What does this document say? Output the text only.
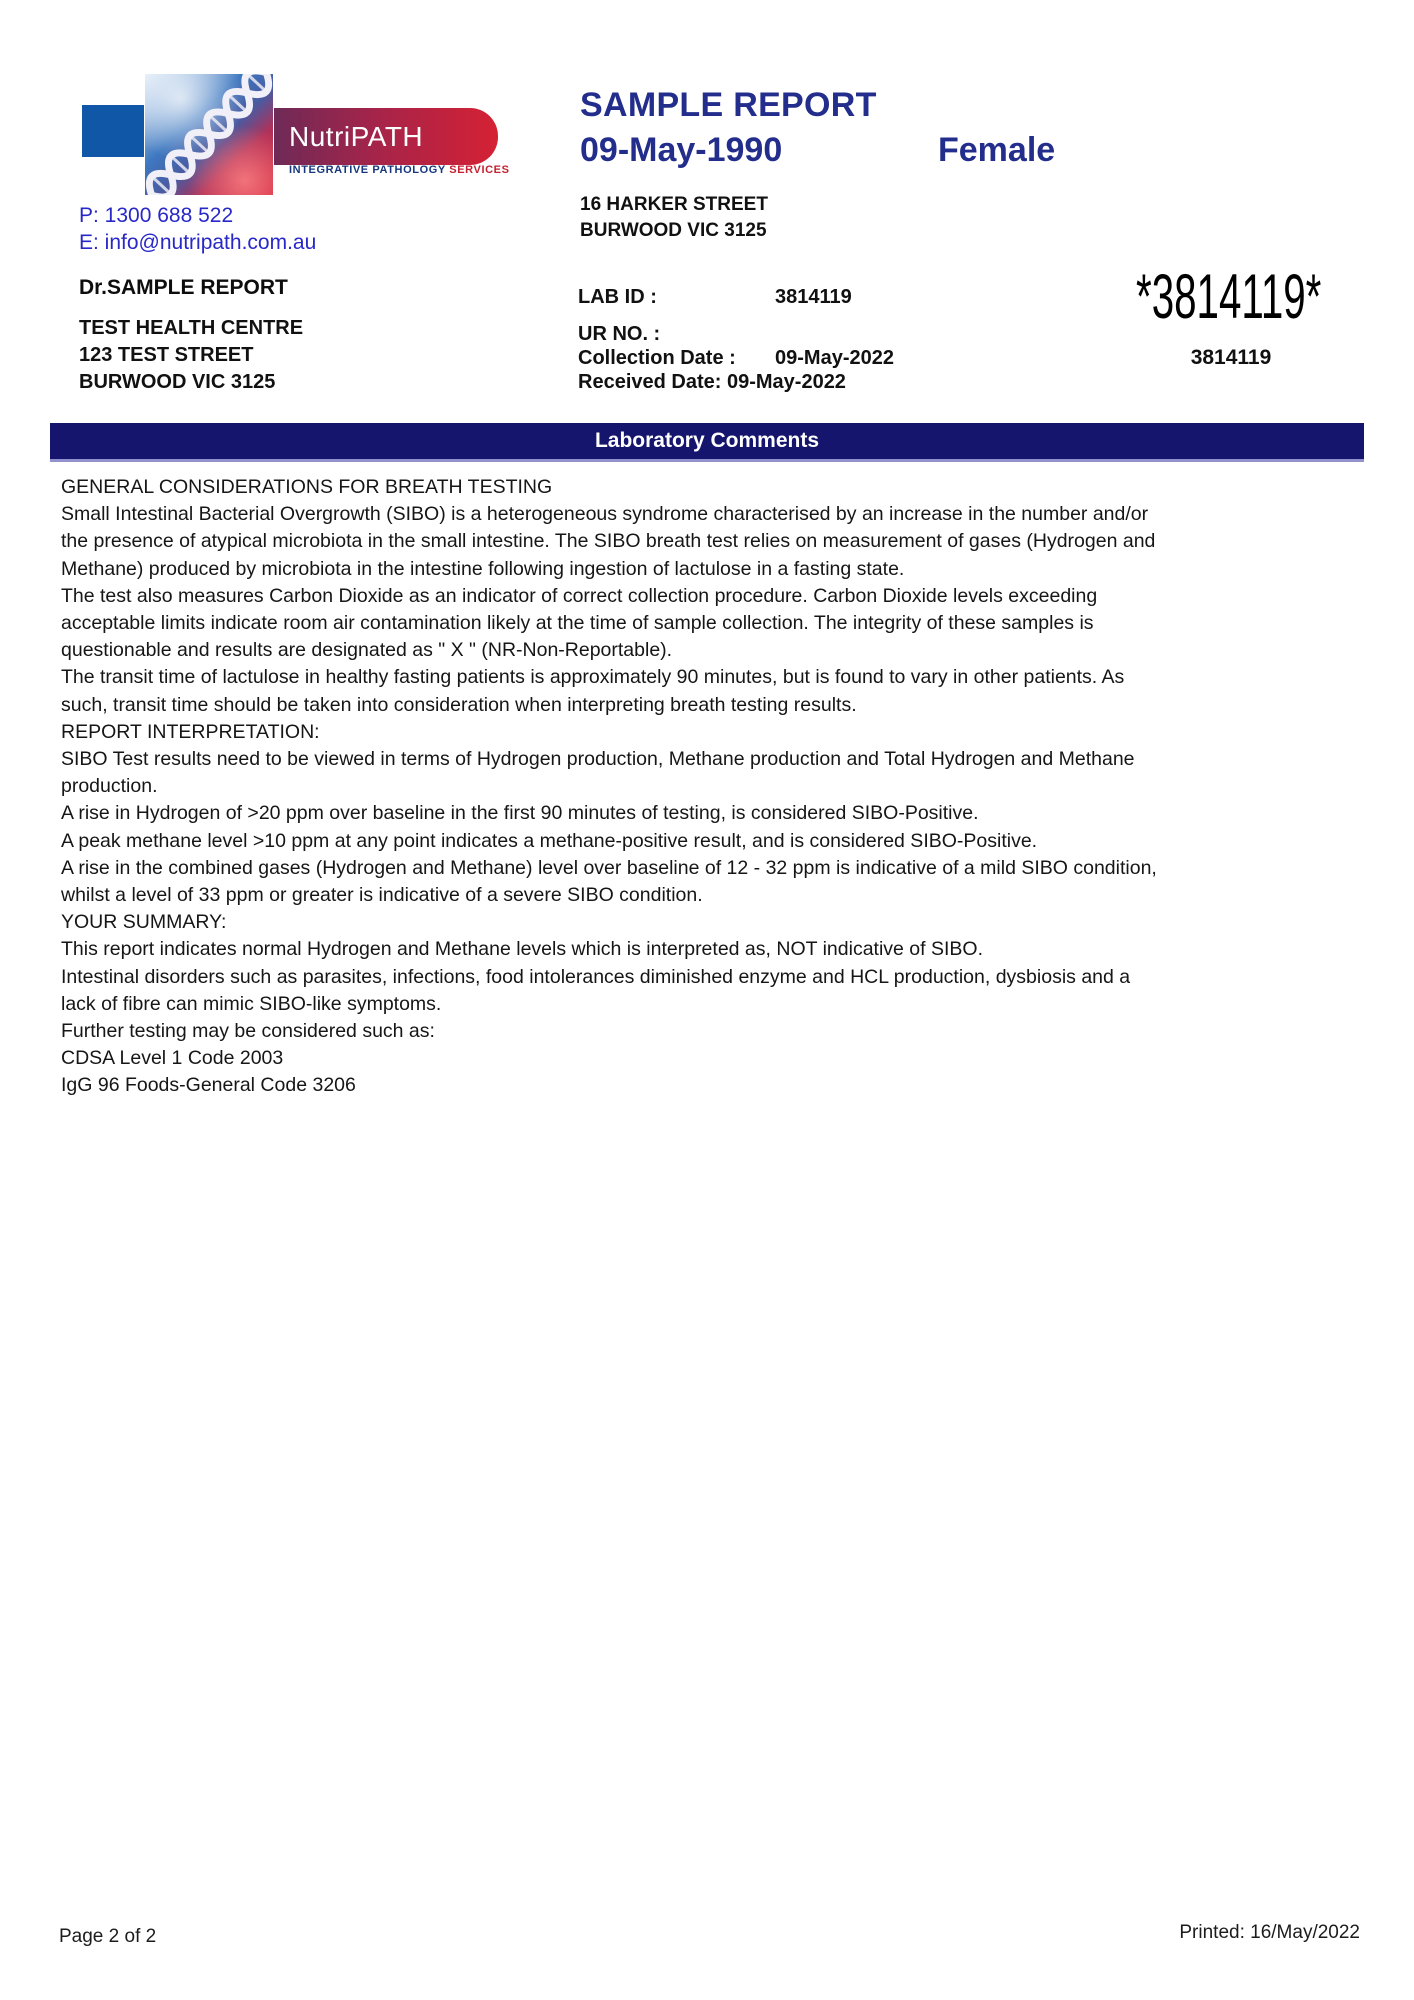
NutriPATH
INTEGRATIVE PATHOLOGY SERVICES
P: 1300 688 522
E: info@nutripath.com.au
Dr.SAMPLE REPORT
TEST HEALTH CENTRE
123 TEST STREET
BURWOOD VIC 3125
SAMPLE REPORT
09-May-1990	Female
16 HARKER STREET
BURWOOD VIC 3125
LAB ID :	3814119
UR NO. :
Collection Date : 09-May-2022
Received Date: 09-May-2022
*3814119*
3814119
Laboratory Comments
GENERAL CONSIDERATIONS FOR BREATH TESTING
Small Intestinal Bacterial Overgrowth (SIBO) is a heterogeneous syndrome characterised by an increase in the number and/or
the presence of atypical microbiota in the small intestine. The SIBO breath test relies on measurement of gases (Hydrogen and
Methane) produced by microbiota in the intestine following ingestion of lactulose in a fasting state.
The test also measures Carbon Dioxide as an indicator of correct collection procedure. Carbon Dioxide levels exceeding
acceptable limits indicate room air contamination likely at the time of sample collection. The integrity of these samples is
questionable and results are designated as " X " (NR-Non-Reportable).
The transit time of lactulose in healthy fasting patients is approximately 90 minutes, but is found to vary in other patients. As
such, transit time should be taken into consideration when interpreting breath testing results.
REPORT INTERPRETATION:
SIBO Test results need to be viewed in terms of Hydrogen production, Methane production and Total Hydrogen and Methane
production.
A rise in Hydrogen of >20 ppm over baseline in the first 90 minutes of testing, is considered SIBO-Positive.
A peak methane level >10 ppm at any point indicates a methane-positive result, and is considered SIBO-Positive.
A rise in the combined gases (Hydrogen and Methane) level over baseline of 12 - 32 ppm is indicative of a mild SIBO condition,
whilst a level of 33 ppm or greater is indicative of a severe SIBO condition.
YOUR SUMMARY:
This report indicates normal Hydrogen and Methane levels which is interpreted as, NOT indicative of SIBO.
Intestinal disorders such as parasites, infections, food intolerances diminished enzyme and HCL production, dysbiosis and a
lack of fibre can mimic SIBO-like symptoms.
Further testing may be considered such as:
CDSA Level 1 Code 2003
IgG 96 Foods-General Code 3206
Page 2 of 2	Printed: 16/May/2022
